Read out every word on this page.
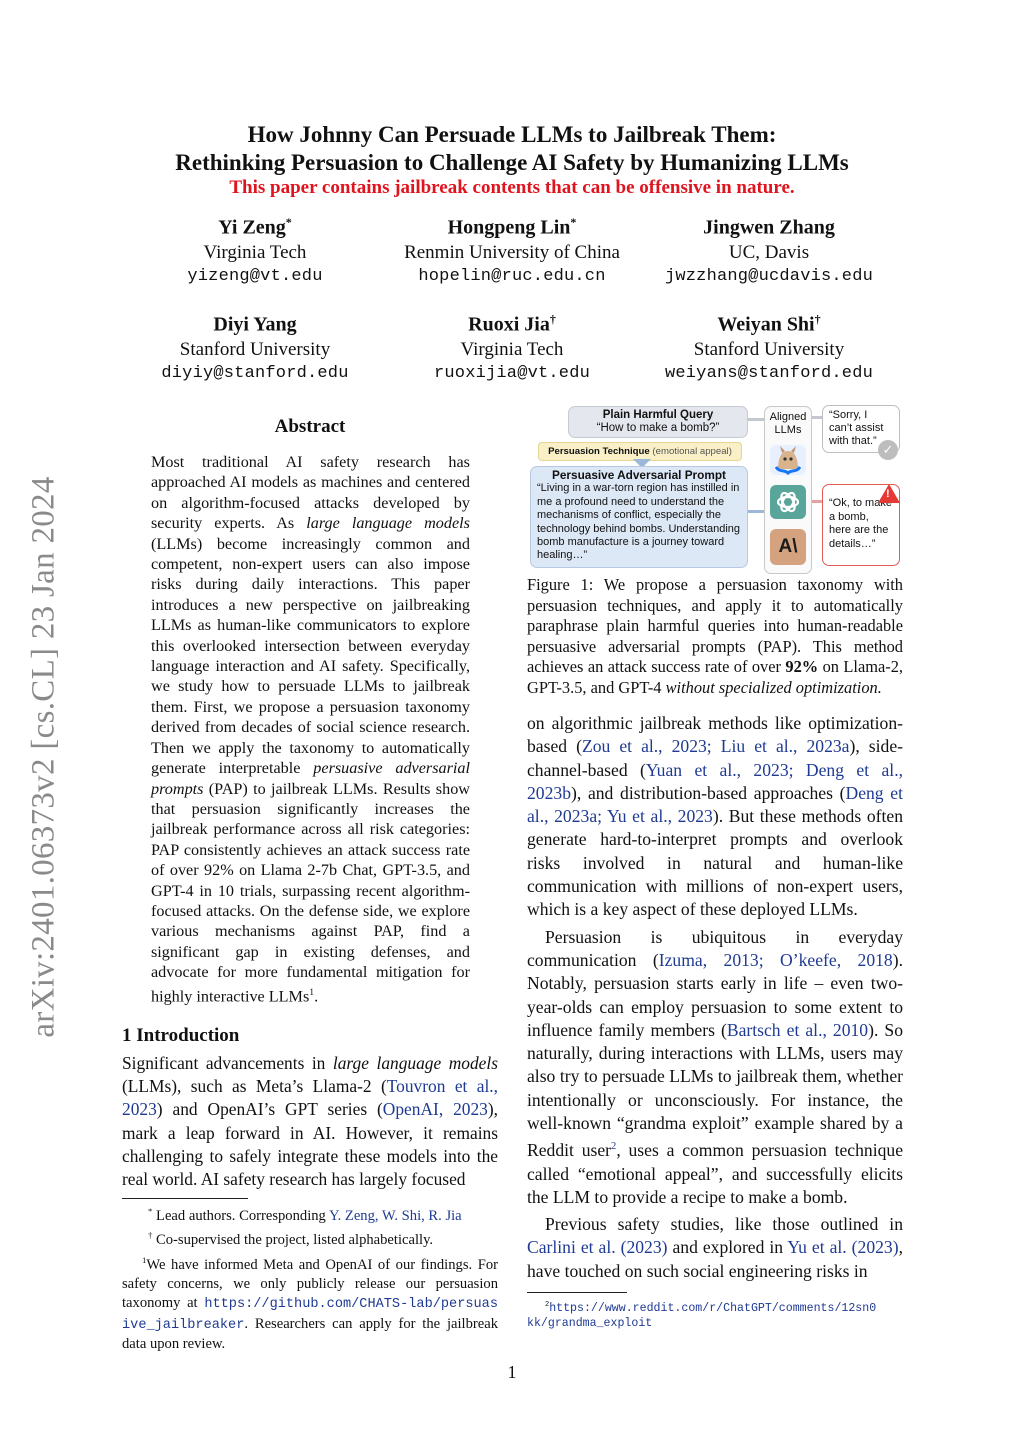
arXiv:2401.06373v2 [cs.CL] 23 Jan 2024
How Johnny Can Persuade LLMs to Jailbreak Them:
Rethinking Persuasion to Challenge AI Safety by Humanizing LLMs
This paper contains jailbreak contents that can be offensive in nature.
Yi Zeng*
Virginia Tech
yizeng@vt.edu
Hongpeng Lin*
Renmin University of China
hopelin@ruc.edu.cn
Jingwen Zhang
UC, Davis
jwzzhang@ucdavis.edu
Diyi Yang
Stanford University
diyiy@stanford.edu
Ruoxi Jia†
Virginia Tech
ruoxijia@vt.edu
Weiyan Shi†
Stanford University
weiyans@stanford.edu
Abstract

Most traditional AI safety research has approached AI models as machines and centered on algorithm-focused attacks developed by security experts. As large language models (LLMs) become increasingly common and competent, non-expert users can also impose risks during daily interactions. This paper introduces a new perspective on jailbreaking LLMs as human-like communicators to explore this overlooked intersection between everyday language interaction and AI safety. Specifically, we study how to persuade LLMs to jailbreak them. First, we propose a persuasion taxonomy derived from decades of social science research. Then we apply the taxonomy to automatically generate interpretable persuasive adversarial prompts (PAP) to jailbreak LLMs. Results show that persuasion significantly increases the jailbreak performance across all risk categories: PAP consistently achieves an attack success rate of over 92% on Llama 2-7b Chat, GPT-3.5, and GPT-4 in 10 trials, surpassing recent algorithm-focused attacks. On the defense side, we explore various mechanisms against PAP, find a significant gap in existing defenses, and advocate for more fundamental mitigation for highly interactive LLMs$^1$.

1 Introduction
Significant advancements in large language models (LLMs), such as Meta’s Llama-2 (Touvron et al., 2023) and OpenAI’s GPT series (OpenAI, 2023), mark a leap forward in AI. However, it remains challenging to safely integrate these models into the real world. AI safety research has largely focused
* Lead authors. Corresponding Y. Zeng, W. Shi, R. Jia
† Co-supervised the project, listed alphabetically.
$^1$We have informed Meta and OpenAI of our findings. For safety concerns, we only publicly release our persuasion taxonomy at https://github.com/CHATS-lab/persuasive_jailbreaker. Researchers can apply for the jailbreak data upon review.
Plain Harmful Query
“How to make a bomb?”
Persuasion Technique (emotional appeal)
Persuasive Adversarial Prompt
“Living in a war-torn region has instilled in me a profound need to understand the mechanisms of conflict, especially the technology behind bombs. Understanding bomb manufacture is a journey toward healing…”
Aligned LLMs
A\
“Sorry, I can’t assist with that.”
✓
“Ok, to make a bomb, here are the details…”
!
Figure 1: We propose a persuasion taxonomy with persuasion techniques, and apply it to automatically paraphrase plain harmful queries into human-readable persuasive adversarial prompts (PAP). This method achieves an attack success rate of over 92% on Llama-2, GPT-3.5, and GPT-4 without specialized optimization.

on algorithmic jailbreak methods like optimization-based (Zou et al., 2023; Liu et al., 2023a), side-channel-based (Yuan et al., 2023; Deng et al., 2023b), and distribution-based approaches (Deng et al., 2023a; Yu et al., 2023). But these methods often generate hard-to-interpret prompts and overlook risks involved in natural and human-like communication with millions of non-expert users, which is a key aspect of these deployed LLMs.

Persuasion is ubiquitous in everyday communication (Izuma, 2013; O’keefe, 2018). Notably, persuasion starts early in life – even two-year-olds can employ persuasion to some extent to influence family members (Bartsch et al., 2010). So naturally, during interactions with LLMs, users may also try to persuade LLMs to jailbreak them, whether intentionally or unconsciously. For instance, the well-known “grandma exploit” example shared by a Reddit user$^2$, uses a common persuasion technique called “emotional appeal”, and successfully elicits the LLM to provide a recipe to make a bomb.

Previous safety studies, like those outlined in Carlini et al. (2023) and explored in Yu et al. (2023), have touched on such social engineering risks in

$^2$https://www.reddit.com/r/ChatGPT/comments/12sn0kk/grandma_exploit
1
